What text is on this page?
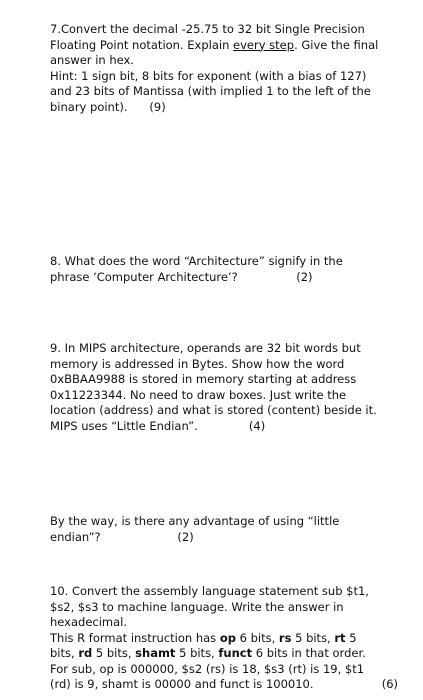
7.Convert the decimal -25.75 to 32 bit Single Precision
Floating Point notation. Explain every step. Give the final
answer in hex.
Hint: 1 sign bit, 8 bits for exponent (with a bias of 127)
and 23 bits of Mantissa (with implied 1 to the left of the
binary point).      (9)

8. What does the word “Architecture” signify in the
phrase ‘Computer Architecture’?                (2)

9. In MIPS architecture, operands are 32 bit words but
memory is addressed in Bytes. Show how the word
0xBBAA9988 is stored in memory starting at address
0x11223344. No need to draw boxes. Just write the
location (address) and what is stored (content) beside it.
MIPS uses “Little Endian”.              (4)

By the way, is there any advantage of using “little
endian”?                     (2)

10. Convert the assembly language statement sub $t1,
$s2, $s3 to machine language. Write the answer in
hexadecimal.
This R format instruction has op 6 bits, rs 5 bits, rt 5
bits, rd 5 bits, shamt 5 bits, funct 6 bits in that order.
For sub, op is 000000, $s2 (rs) is 18, $s3 (rt) is 19, $t1
(rd) is 9, shamt is 00000 and funct is 100010.	(6)
